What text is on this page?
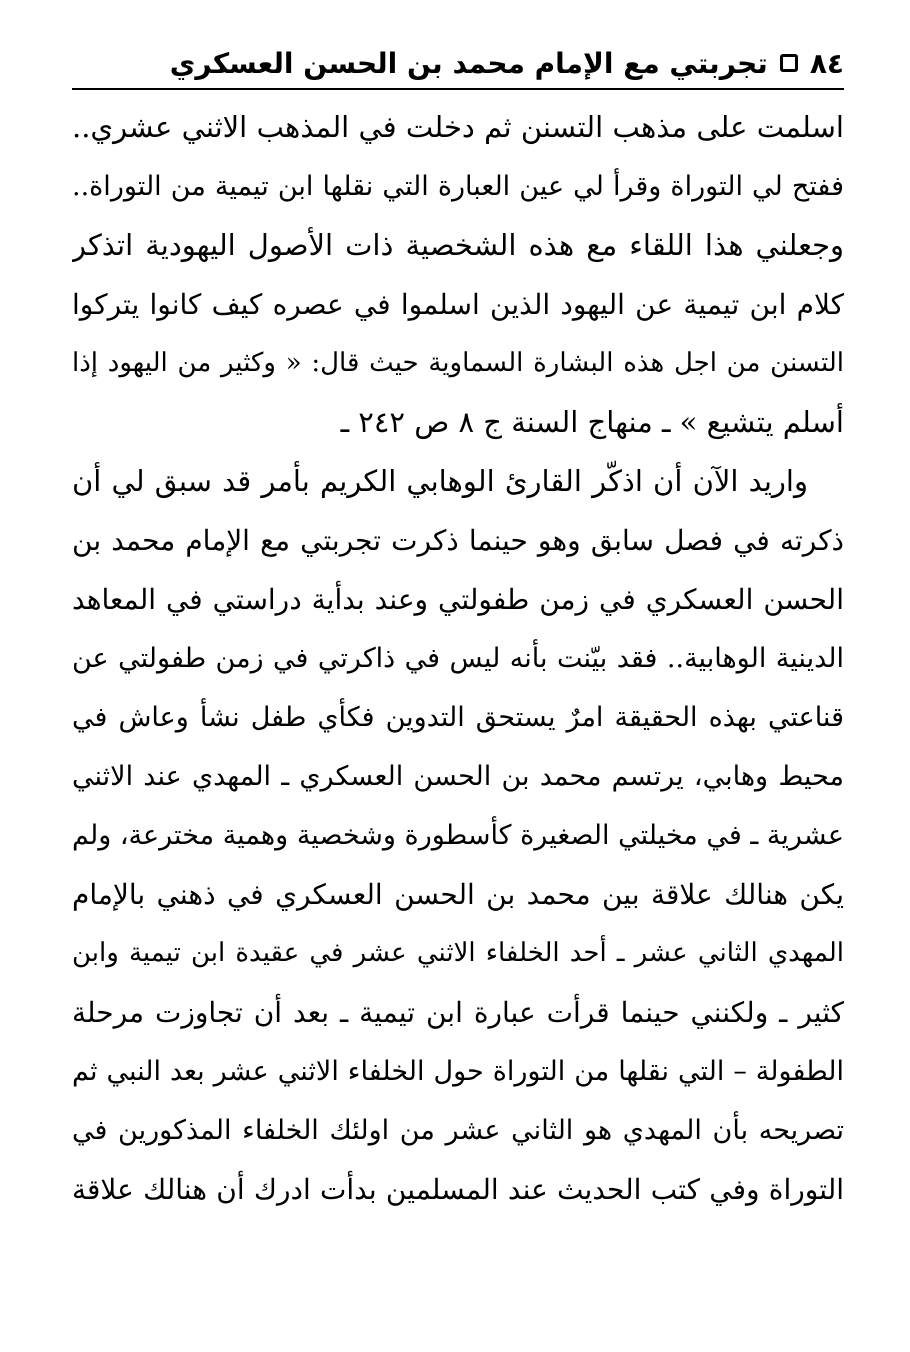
٨٤
تجربتي مع الإمام محمد بن الحسن العسكري
اسلمت على مذهب التسنن ثم دخلت في المذهب الاثني عشري..
ففتح لي التوراة وقرأ لي عين العبارة التي نقلها ابن تيمية من التوراة..
وجعلني هذا اللقاء مع هذه الشخصية ذات الأصول اليهودية اتذكر
كلام ابن تيمية عن اليهود الذين اسلموا في عصره كيف كانوا يتركوا
التسنن من اجل هذه البشارة السماوية حيث قال: « وكثير من اليهود إذا
أسلم يتشيع » ـ منهاج السنة ج ٨ ص ٢٤٢ ـ
واريد الآن أن اذكّر القارئ الوهابي الكريم بأمر قد سبق لي أن
ذكرته في فصل سابق وهو حينما ذكرت تجربتي مع الإمام محمد بن
الحسن العسكري في زمن طفولتي وعند بدأية دراستي في المعاهد
الدينية الوهابية.. فقد بيّنت بأنه ليس في ذاكرتي في زمن طفولتي عن
قناعتي بهذه الحقيقة امرٌ يستحق التدوين فكأي طفل نشأ وعاش في
محيط وهابي، يرتسم محمد بن الحسن العسكري ـ المهدي عند الاثني
عشرية ـ في مخيلتي الصغيرة كأسطورة وشخصية وهمية مخترعة، ولم
يكن هنالك علاقة بين محمد بن الحسن العسكري في ذهني بالإمام
المهدي الثاني عشر ـ أحد الخلفاء الاثني عشر في عقيدة ابن تيمية وابن
كثير ـ ولكنني حينما قرأت عبارة ابن تيمية ـ بعد أن تجاوزت مرحلة
الطفولة – التي نقلها من التوراة حول الخلفاء الاثني عشر بعد النبي ثم
تصريحه بأن المهدي هو الثاني عشر من اولئك الخلفاء المذكورين في
التوراة وفي كتب الحديث عند المسلمين بدأت ادرك أن هنالك علاقة
